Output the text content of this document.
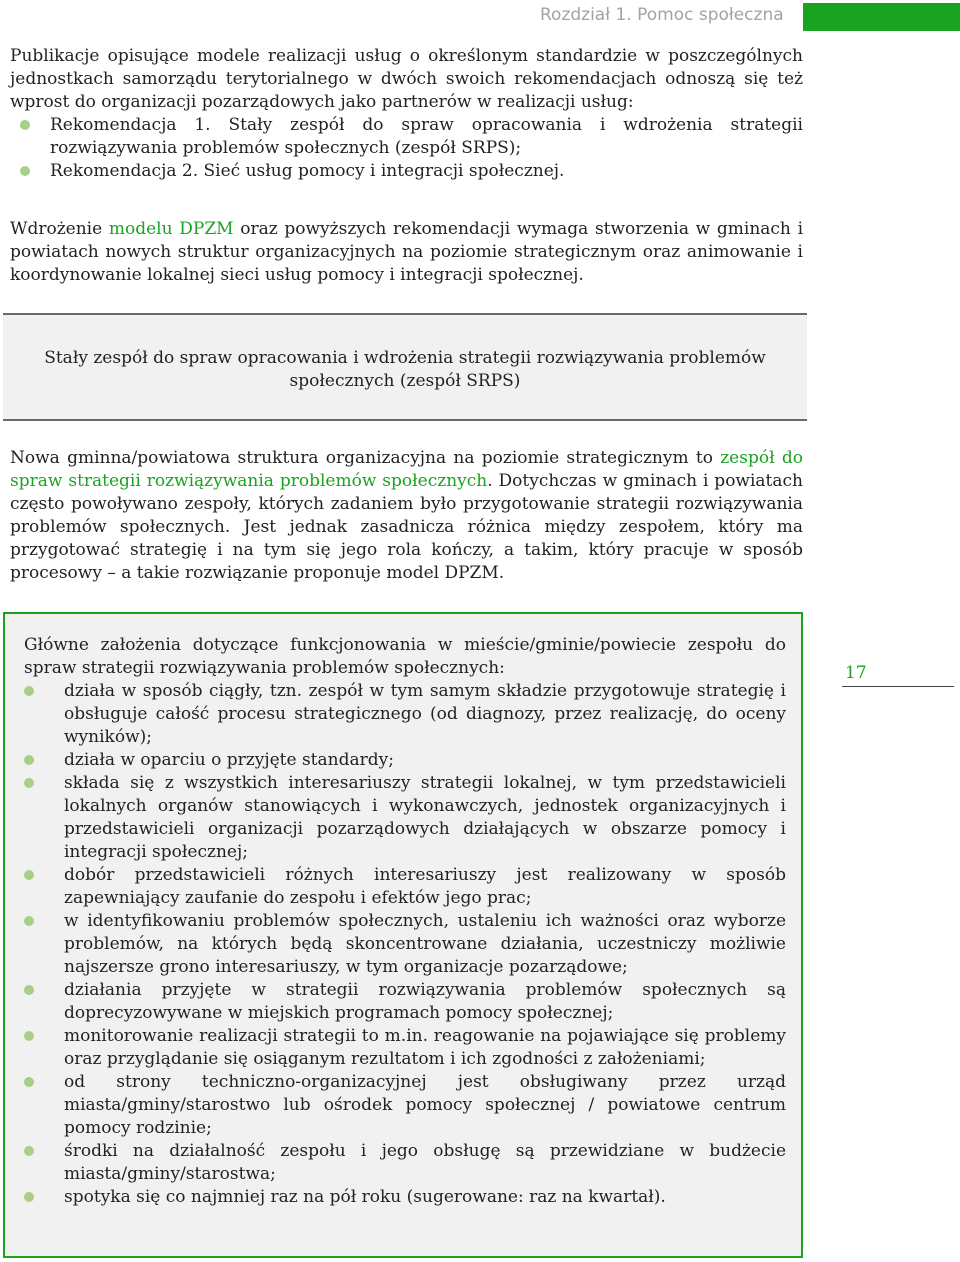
Rozdział 1. Pomoc społeczna

Publikacje opisujące modele realizacji usług o określonym standardzie w poszczególnych jednostkach samorządu terytorialnego w dwóch swoich rekomendacjach odnoszą się też wprost do organizacji pozarządowych jako partnerów w realizacji usług:

Rekomendacja 1. Stały zespół do spraw opracowania i wdrożenia strategii rozwiązywania problemów społecznych (zespół SRPS);
Rekomendacja 2. Sieć usług pomocy i integracji społecznej.

Wdrożenie modelu DPZM oraz powyższych rekomendacji wymaga stworzenia w gminach i powiatach nowych struktur organizacyjnych na poziomie strategicznym oraz animowanie i koordynowanie lokalnej sieci usług pomocy i integracji społecznej.

Stały zespół do spraw opracowania i wdrożenia strategii rozwiązywania problemów
społecznych (zespół SRPS)

Nowa gminna/powiatowa struktura organizacyjna na poziomie strategicznym to zespół do spraw strategii rozwiązywania problemów społecznych. Dotychczas w gminach i powiatach często powoływano zespoły, których zadaniem było przygotowanie strategii rozwiązywania problemów społecznych. Jest jednak zasadnicza różnica między zespołem, który ma przygotować strategię i na tym się jego rola kończy, a takim, który pracuje w sposób procesowy – a takie rozwiązanie proponuje model DPZM.

Główne założenia dotyczące funkcjonowania w mieście/gminie/powiecie zespołu do spraw strategii rozwiązywania problemów społecznych:

działa w sposób ciągły, tzn. zespół w tym samym składzie przygotowuje strategię i obsługuje całość procesu strategicznego (od diagnozy, przez realizację, do oceny wyników);
działa w oparciu o przyjęte standardy;
składa się z wszystkich interesariuszy strategii lokalnej, w tym przedstawicieli lokalnych organów stanowiących i wykonawczych, jednostek organizacyjnych i przedstawicieli organizacji pozarządowych działających w obszarze pomocy i integracji społecznej;
dobór przedstawicieli różnych interesariuszy jest realizowany w sposób zapewniający zaufanie do zespołu i efektów jego prac;
w identyfikowaniu problemów społecznych, ustaleniu ich ważności oraz wyborze problemów, na których będą skoncentrowane działania, uczestniczy możliwie najszersze grono interesariuszy, w tym organizacje pozarządowe;
działania przyjęte w strategii rozwiązywania problemów społecznych są doprecyzowywane w miejskich programach pomocy społecznej;
monitorowanie realizacji strategii to m.in. reagowanie na pojawiające się problemy oraz przyglądanie się osiąganym rezultatom i ich zgodności z założeniami;
od strony techniczno-organizacyjnej jest obsługiwany przez urząd miasta/gminy/starostwo lub ośrodek pomocy społecznej / powiatowe centrum pomocy rodzinie;
środki na działalność zespołu i jego obsługę są przewidziane w budżecie miasta/gminy/starostwa;
spotyka się co najmniej raz na pół roku (sugerowane: raz na kwartał).
17
